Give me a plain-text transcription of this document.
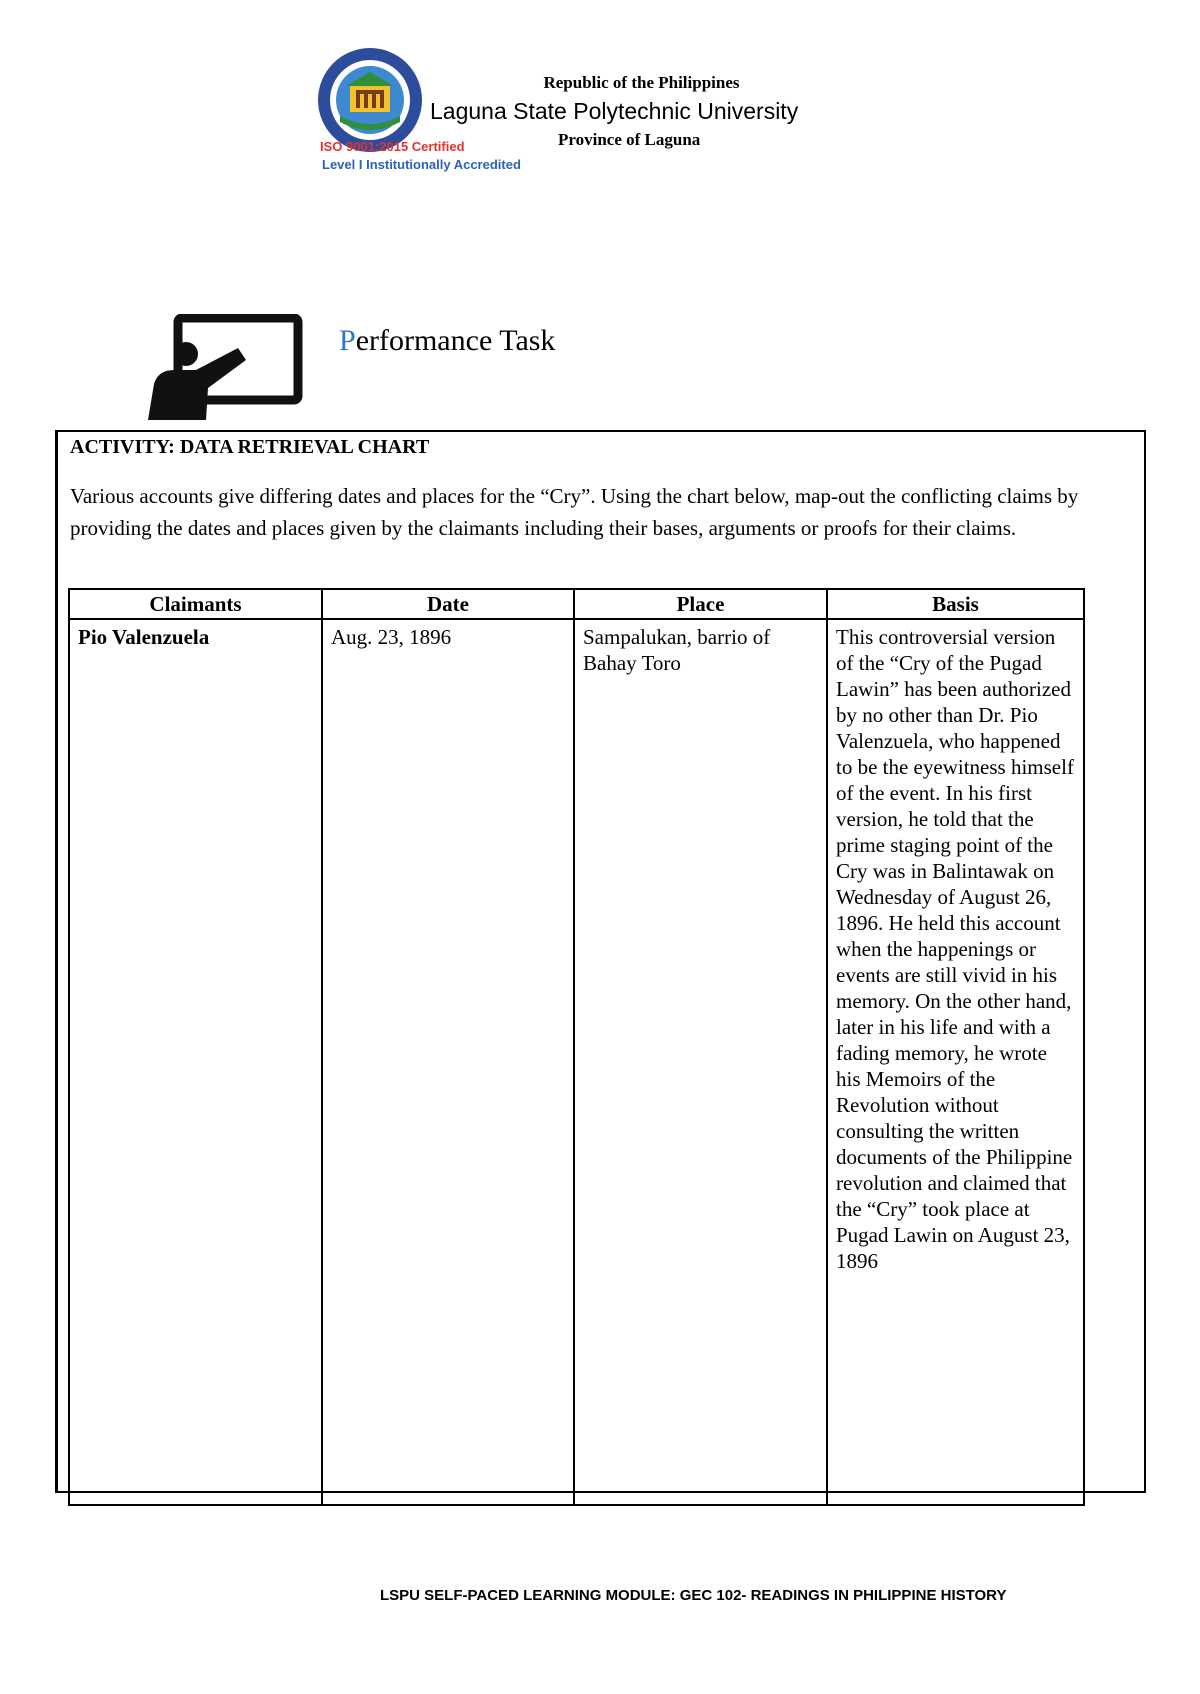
ISO 9001:2015 Certified
Level I Institutionally Accredited
Republic of the Philippines
Laguna State Polytechnic University
Province of Laguna
Performance Task
ACTIVITY: DATA RETRIEVAL CHART
Various accounts give differing dates and places for the “Cry”. Using the chart below, map-out the conflicting claims by providing the dates and places given by the claimants including their bases, arguments or proofs for their claims.
Claimants	Date	Place	Basis
Pio Valenzuela	Aug. 23, 1896	Sampalukan, barrio of Bahay Toro	This controversial version of the “Cry of the Pugad Lawin” has been authorized by no other than Dr. Pio Valenzuela, who happened to be the eyewitness himself of the event. In his first version, he told that the prime staging point of the Cry was in Balintawak on Wednesday of August 26, 1896. He held this account when the happenings or events are still vivid in his memory. On the other hand, later in his life and with a fading memory, he wrote his Memoirs of the Revolution without consulting the written documents of the Philippine revolution and claimed that the “Cry” took place at Pugad Lawin on August 23, 1896
LSPU SELF-PACED LEARNING MODULE: GEC 102- READINGS IN PHILIPPINE HISTORY
